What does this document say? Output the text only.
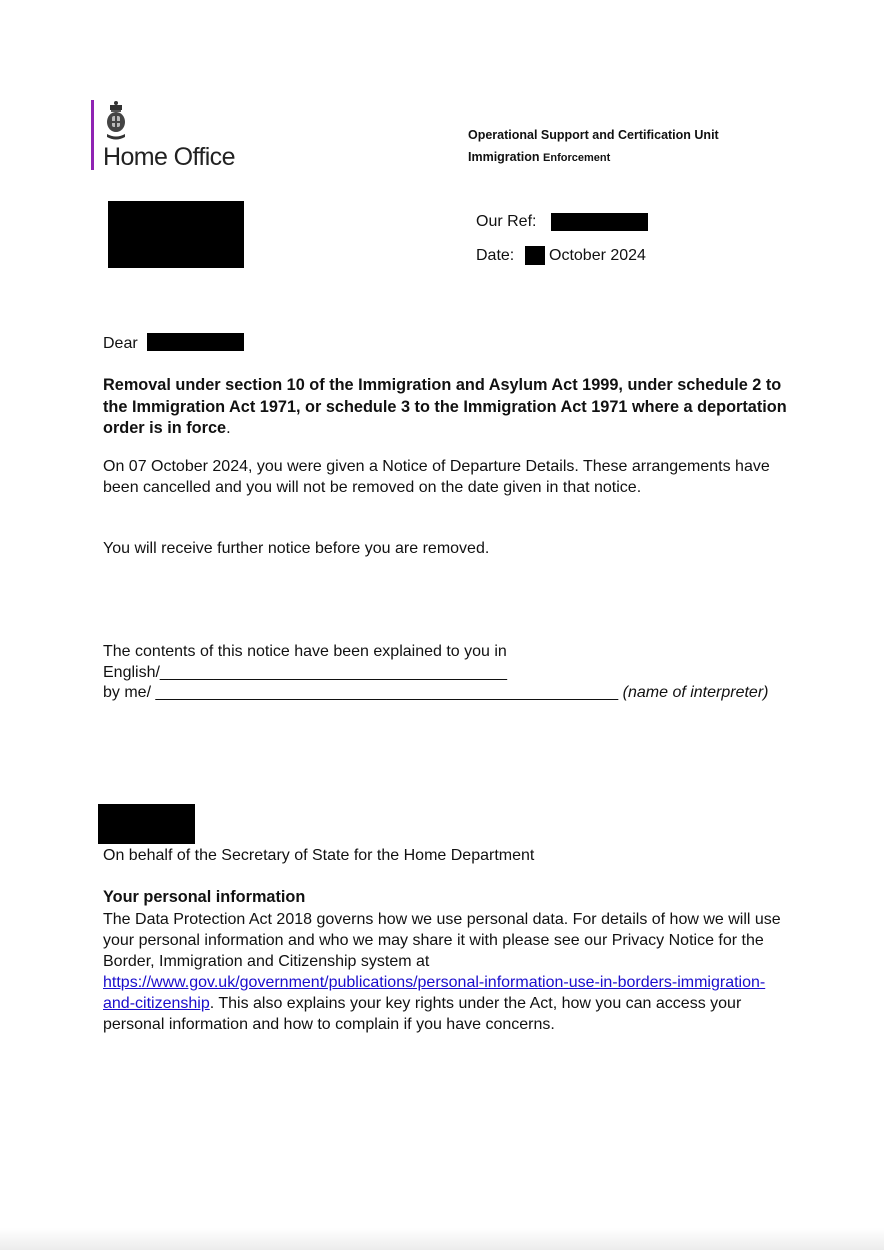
Home Office
Operational Support and Certification Unit
Immigration Enforcement
Our Ref:
Date: October 2024
Dear
Removal under section 10 of the Immigration and Asylum Act 1999, under schedule 2 to the Immigration Act 1971, or schedule 3 to the Immigration Act 1971 where a deportation order is in force.
On 07 October 2024, you were given a Notice of Departure Details. These arrangements have been cancelled and you will not be removed on the date given in that notice.
You will receive further notice before you are removed.
The contents of this notice have been explained to you in
English/_______________________________________
by me/ ____________________________________________________ (name of interpreter)
On behalf of the Secretary of State for the Home Department
Your personal information
The Data Protection Act 2018 governs how we use personal data. For details of how we will use your personal information and who we may share it with please see our Privacy Notice for the Border, Immigration and Citizenship system at https://www.gov.uk/government/publications/personal-information-use-in-borders-immigration-and-citizenship. This also explains your key rights under the Act, how you can access your personal information and how to complain if you have concerns.
